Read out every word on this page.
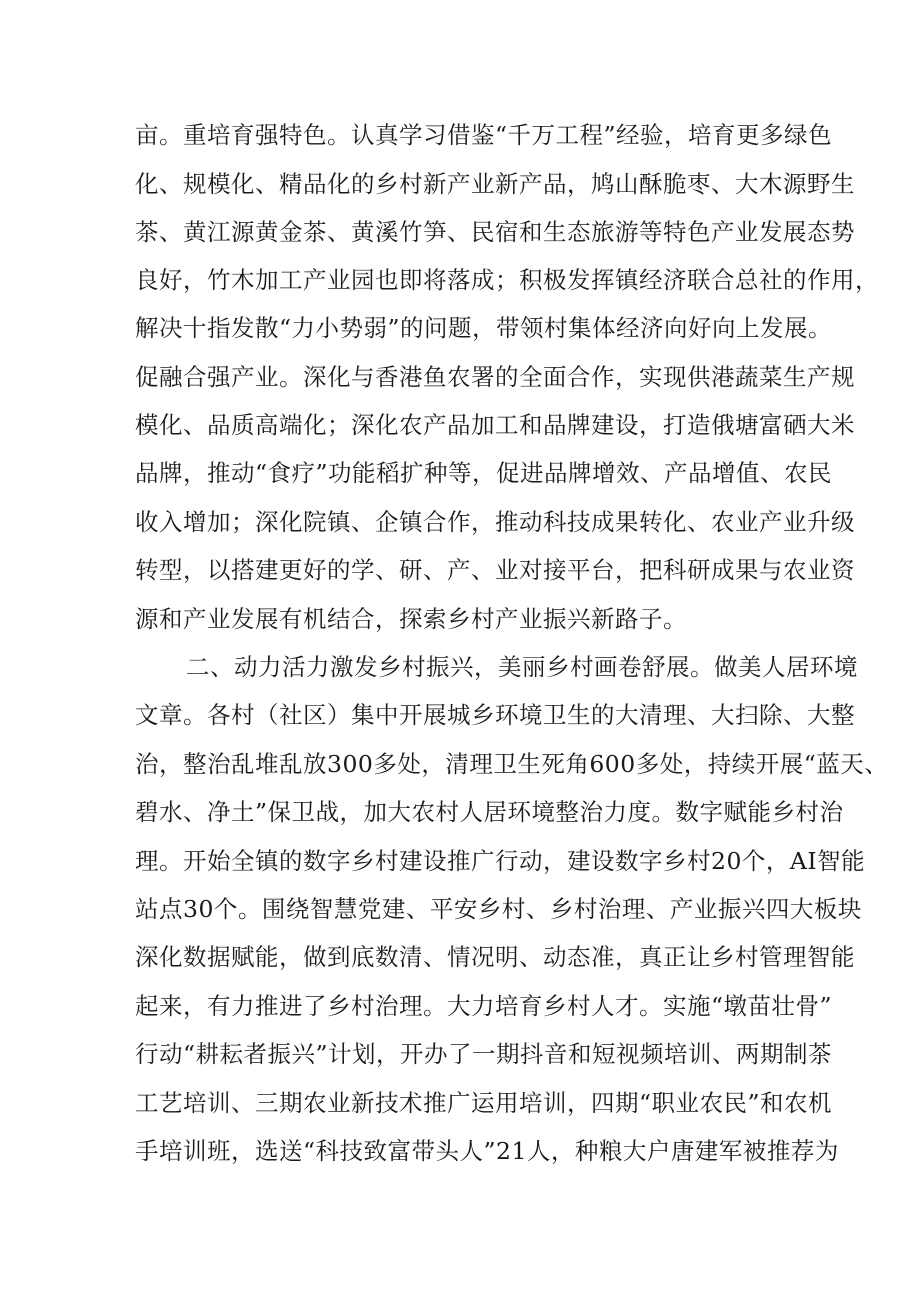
亩。重培育强特色。认真学习借鉴“千万工程”经验，培育更多绿色
化、规模化、精品化的乡村新产业新产品，鸠山酥脆枣、大木源野生
茶、黄江源黄金茶、黄溪竹笋、民宿和生态旅游等特色产业发展态势
良好，竹木加工产业园也即将落成；积极发挥镇经济联合总社的作用，
解决十指发散“力小势弱”的问题，带领村集体经济向好向上发展。
促融合强产业。深化与香港鱼农署的全面合作，实现供港蔬菜生产规
模化、品质高端化；深化农产品加工和品牌建设，打造俄塘富硒大米
品牌，推动“食疗”功能稻扩种等，促进品牌增效、产品增值、农民
收入增加；深化院镇、企镇合作，推动科技成果转化、农业产业升级
转型，以搭建更好的学、研、产、业对接平台，把科研成果与农业资
源和产业发展有机结合，探索乡村产业振兴新路子。
二、动力活力激发乡村振兴，美丽乡村画卷舒展。做美人居环境
文章。各村（社区）集中开展城乡环境卫生的大清理、大扫除、大整
治，整治乱堆乱放300多处，清理卫生死角600多处，持续开展“蓝天、
碧水、净土”保卫战，加大农村人居环境整治力度。数字赋能乡村治
理。开始全镇的数字乡村建设推广行动，建设数字乡村20个，AI智能
站点30个。围绕智慧党建、平安乡村、乡村治理、产业振兴四大板块
深化数据赋能，做到底数清、情况明、动态准，真正让乡村管理智能
起来，有力推进了乡村治理。大力培育乡村人才。实施“墩苗壮骨”
行动“耕耘者振兴”计划，开办了一期抖音和短视频培训、两期制茶
工艺培训、三期农业新技术推广运用培训，四期“职业农民”和农机
手培训班，选送“科技致富带头人”21人，种粮大户唐建军被推荐为
